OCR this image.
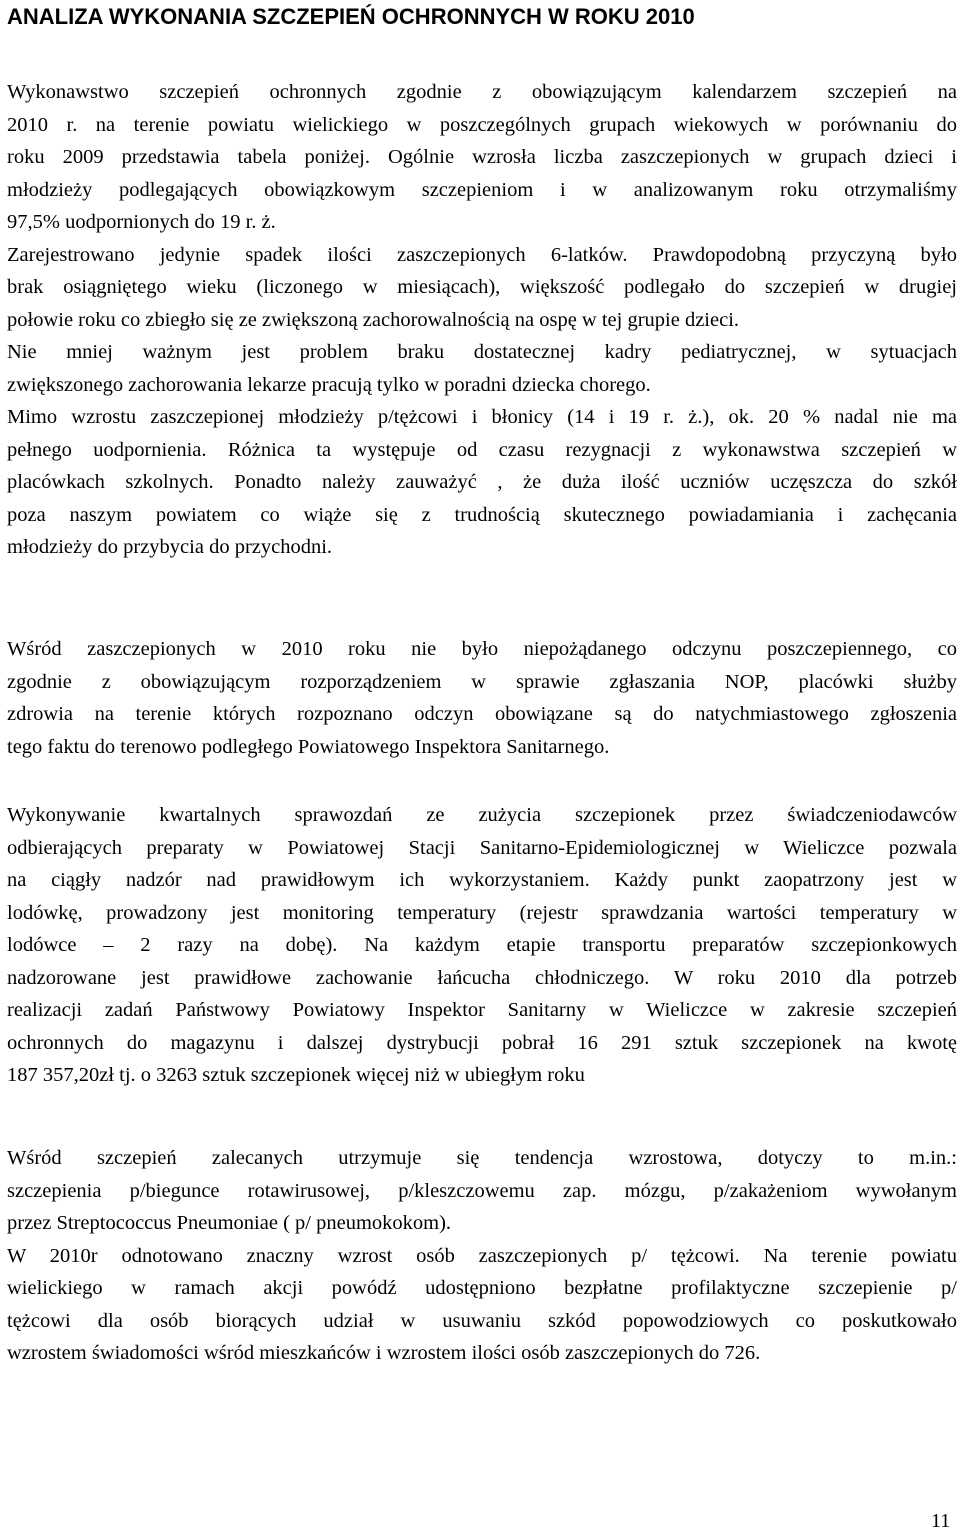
ANALIZA WYKONANIA SZCZEPIEŃ OCHRONNYCH W ROKU 2010
Wykonawstwo szczepień ochronnych zgodnie z obowiązującym kalendarzem szczepień na
2010 r. na terenie powiatu wielickiego w poszczególnych grupach wiekowych w porównaniu do
roku 2009 przedstawia tabela poniżej. Ogólnie wzrosła liczba zaszczepionych w grupach dzieci i
młodzieży podlegających obowiązkowym szczepieniom i w analizowanym roku otrzymaliśmy
97,5% uodpornionych do 19 r. ż.
Zarejestrowano jedynie spadek ilości zaszczepionych 6-latków. Prawdopodobną przyczyną było
brak osiągniętego wieku (liczonego w miesiącach), większość podlegało do szczepień w drugiej
połowie roku co zbiegło się ze zwiększoną zachorowalnością na ospę w tej grupie dzieci.
Nie mniej ważnym jest problem braku dostatecznej kadry pediatrycznej, w sytuacjach
zwiększonego zachorowania lekarze pracują tylko w poradni dziecka chorego.
Mimo wzrostu zaszczepionej młodzieży p/tężcowi i błonicy (14 i 19 r. ż.), ok. 20 % nadal nie ma
pełnego uodpornienia. Różnica ta występuje od czasu rezygnacji z wykonawstwa szczepień w
placówkach szkolnych. Ponadto należy zauważyć , że duża ilość uczniów uczęszcza do szkół
poza naszym powiatem co wiąże się z trudnością skutecznego powiadamiania i zachęcania
młodzieży do przybycia do przychodni.
Wśród zaszczepionych w 2010 roku nie było niepożądanego odczynu poszczepiennego, co
zgodnie z obowiązującym rozporządzeniem w sprawie zgłaszania NOP, placówki służby
zdrowia na terenie których rozpoznano odczyn obowiązane są do natychmiastowego zgłoszenia
tego faktu do terenowo podległego Powiatowego Inspektora Sanitarnego.
Wykonywanie kwartalnych sprawozdań ze zużycia szczepionek przez świadczeniodawców
odbierających preparaty w Powiatowej Stacji Sanitarno-Epidemiologicznej w Wieliczce pozwala
na ciągły nadzór nad prawidłowym ich wykorzystaniem. Każdy punkt zaopatrzony jest w
lodówkę, prowadzony jest monitoring temperatury (rejestr sprawdzania wartości temperatury w
lodówce – 2 razy na dobę). Na każdym etapie transportu preparatów szczepionkowych
nadzorowane jest prawidłowe zachowanie łańcucha chłodniczego. W roku 2010 dla potrzeb
realizacji zadań Państwowy Powiatowy Inspektor Sanitarny w Wieliczce w zakresie szczepień
ochronnych do magazynu i dalszej dystrybucji pobrał 16 291 sztuk szczepionek na kwotę
187 357,20zł tj. o 3263 sztuk szczepionek więcej niż w ubiegłym roku
Wśród szczepień zalecanych utrzymuje się tendencja wzrostowa, dotyczy to m.in.:
szczepienia p/biegunce rotawirusowej, p/kleszczowemu zap. mózgu, p/zakażeniom wywołanym
przez Streptococcus Pneumoniae ( p/ pneumokokom).
W 2010r odnotowano znaczny wzrost osób zaszczepionych p/ tężcowi. Na terenie powiatu
wielickiego w ramach akcji powódź udostępniono bezpłatne profilaktyczne szczepienie p/
tężcowi dla osób biorących udział w usuwaniu szkód popowodziowych co poskutkowało
wzrostem świadomości wśród mieszkańców i wzrostem ilości osób zaszczepionych do 726.
11
